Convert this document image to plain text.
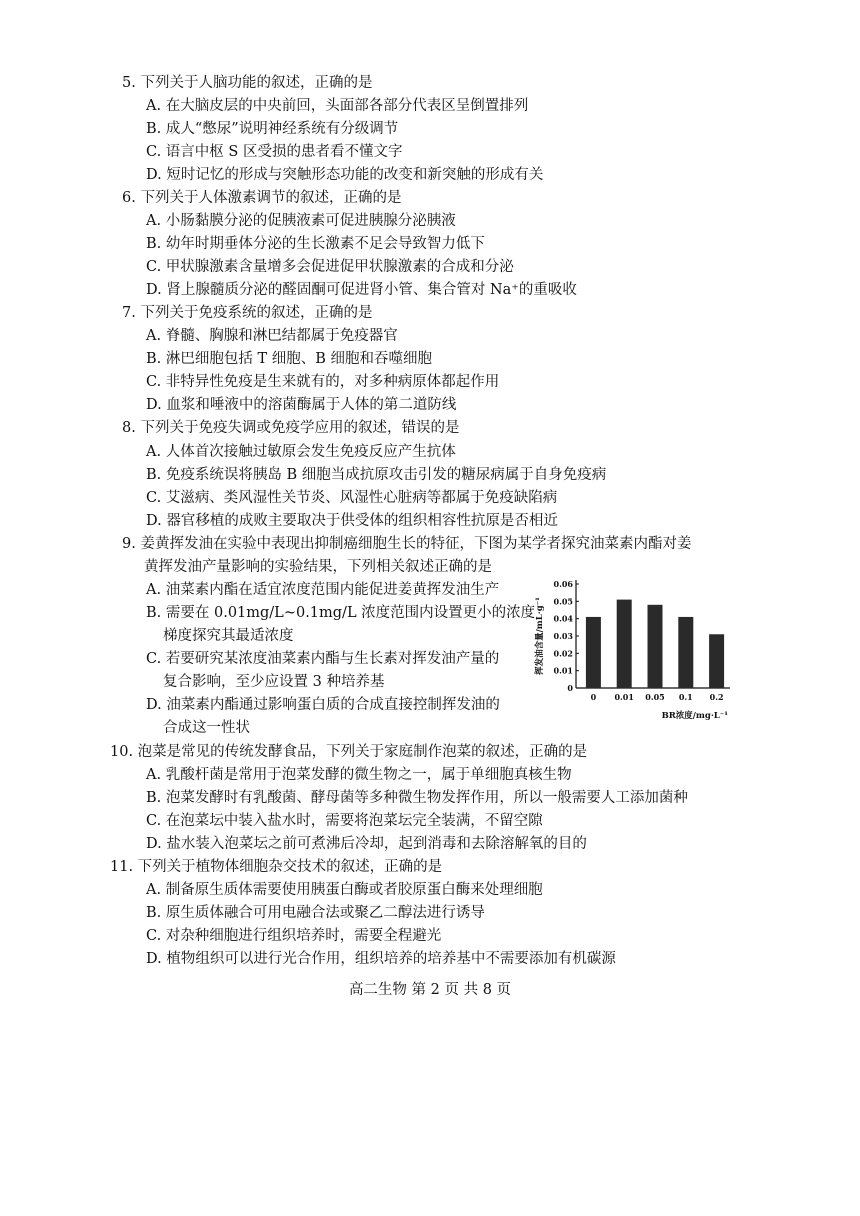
5. 下列关于人脑功能的叙述，正确的是
A. 在大脑皮层的中央前回，头面部各部分代表区呈倒置排列
B. 成人“憋尿”说明神经系统有分级调节
C. 语言中枢 S 区受损的患者看不懂文字
D. 短时记忆的形成与突触形态功能的改变和新突触的形成有关
6. 下列关于人体激素调节的叙述，正确的是
A. 小肠黏膜分泌的促胰液素可促进胰腺分泌胰液
B. 幼年时期垂体分泌的生长激素不足会导致智力低下
C. 甲状腺激素含量增多会促进促甲状腺激素的合成和分泌
D. 肾上腺髓质分泌的醛固酮可促进肾小管、集合管对 Na⁺的重吸收
7. 下列关于免疫系统的叙述，正确的是
A. 脊髓、胸腺和淋巴结都属于免疫器官
B. 淋巴细胞包括 T 细胞、B 细胞和吞噬细胞
C. 非特异性免疫是生来就有的，对多种病原体都起作用
D. 血浆和唾液中的溶菌酶属于人体的第二道防线
8. 下列关于免疫失调或免疫学应用的叙述，错误的是
A. 人体首次接触过敏原会发生免疫反应产生抗体
B. 免疫系统误将胰岛 B 细胞当成抗原攻击引发的糖尿病属于自身免疫病
C. 艾滋病、类风湿性关节炎、风湿性心脏病等都属于免疫缺陷病
D. 器官移植的成败主要取决于供受体的组织相容性抗原是否相近
9. 姜黄挥发油在实验中表现出抑制癌细胞生长的特征，下图为某学者探究油菜素内酯对姜
黄挥发油产量影响的实验结果，下列相关叙述正确的是
A. 油菜素内酯在适宜浓度范围内能促进姜黄挥发油生产
B. 需要在 0.01mg/L~0.1mg/L 浓度范围内设置更小的浓度
梯度探究其最适浓度
C. 若要研究某浓度油菜素内酯与生长素对挥发油产量的
复合影响，至少应设置 3 种培养基
D. 油菜素内酯通过影响蛋白质的合成直接控制挥发油的
合成这一性状
0
0.01
0.02
0.03
0.04
0.05
0.06
0 0.01 0.05 0.1 0.2
挥发油含量/mL·g⁻¹
BR浓度/mg·L⁻¹
10. 泡菜是常见的传统发酵食品，下列关于家庭制作泡菜的叙述，正确的是
A. 乳酸杆菌是常用于泡菜发酵的微生物之一，属于单细胞真核生物
B. 泡菜发酵时有乳酸菌、酵母菌等多种微生物发挥作用，所以一般需要人工添加菌种
C. 在泡菜坛中装入盐水时，需要将泡菜坛完全装满，不留空隙
D. 盐水装入泡菜坛之前可煮沸后冷却，起到消毒和去除溶解氧的目的
11. 下列关于植物体细胞杂交技术的叙述，正确的是
A. 制备原生质体需要使用胰蛋白酶或者胶原蛋白酶来处理细胞
B. 原生质体融合可用电融合法或聚乙二醇法进行诱导
C. 对杂种细胞进行组织培养时，需要全程避光
D. 植物组织可以进行光合作用，组织培养的培养基中不需要添加有机碳源
高二生物 第 2 页 共 8 页
